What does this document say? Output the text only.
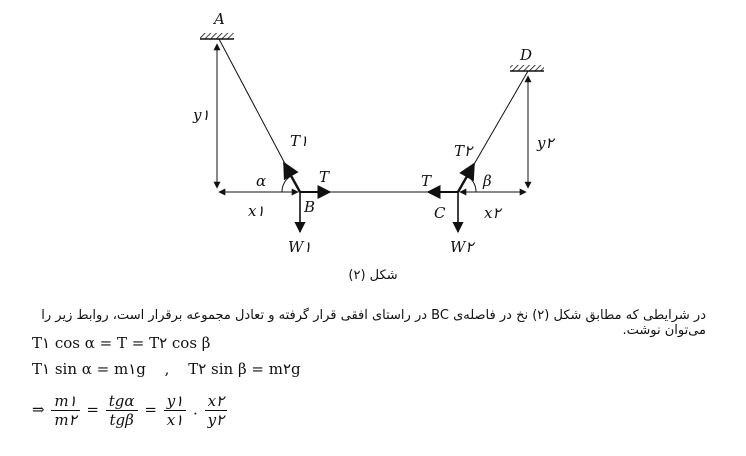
A
D
B	C
y۱
y۲
x۱	x۲
T۱
T۲
T	T
α	β
W۱	W۲
شکل (۲)
در شرایطی که مطابق شکل (۲) نخ در فاصله‌ی BC در راستای افقی قرار گرفته و تعادل مجموعه برقرار است، روابط زیر را می‌توان نوشت.
T۱ cos α = T = T۲ cos β
T۱ sin α = m۱g , T۲ sin β = m۲g
⇒ $\frac{m۱}{m۲} = \frac{\text{tgα}}{\text{tgβ}} = \frac{y۱}{x۱}$ . $\frac{x۲}{y۲}$
